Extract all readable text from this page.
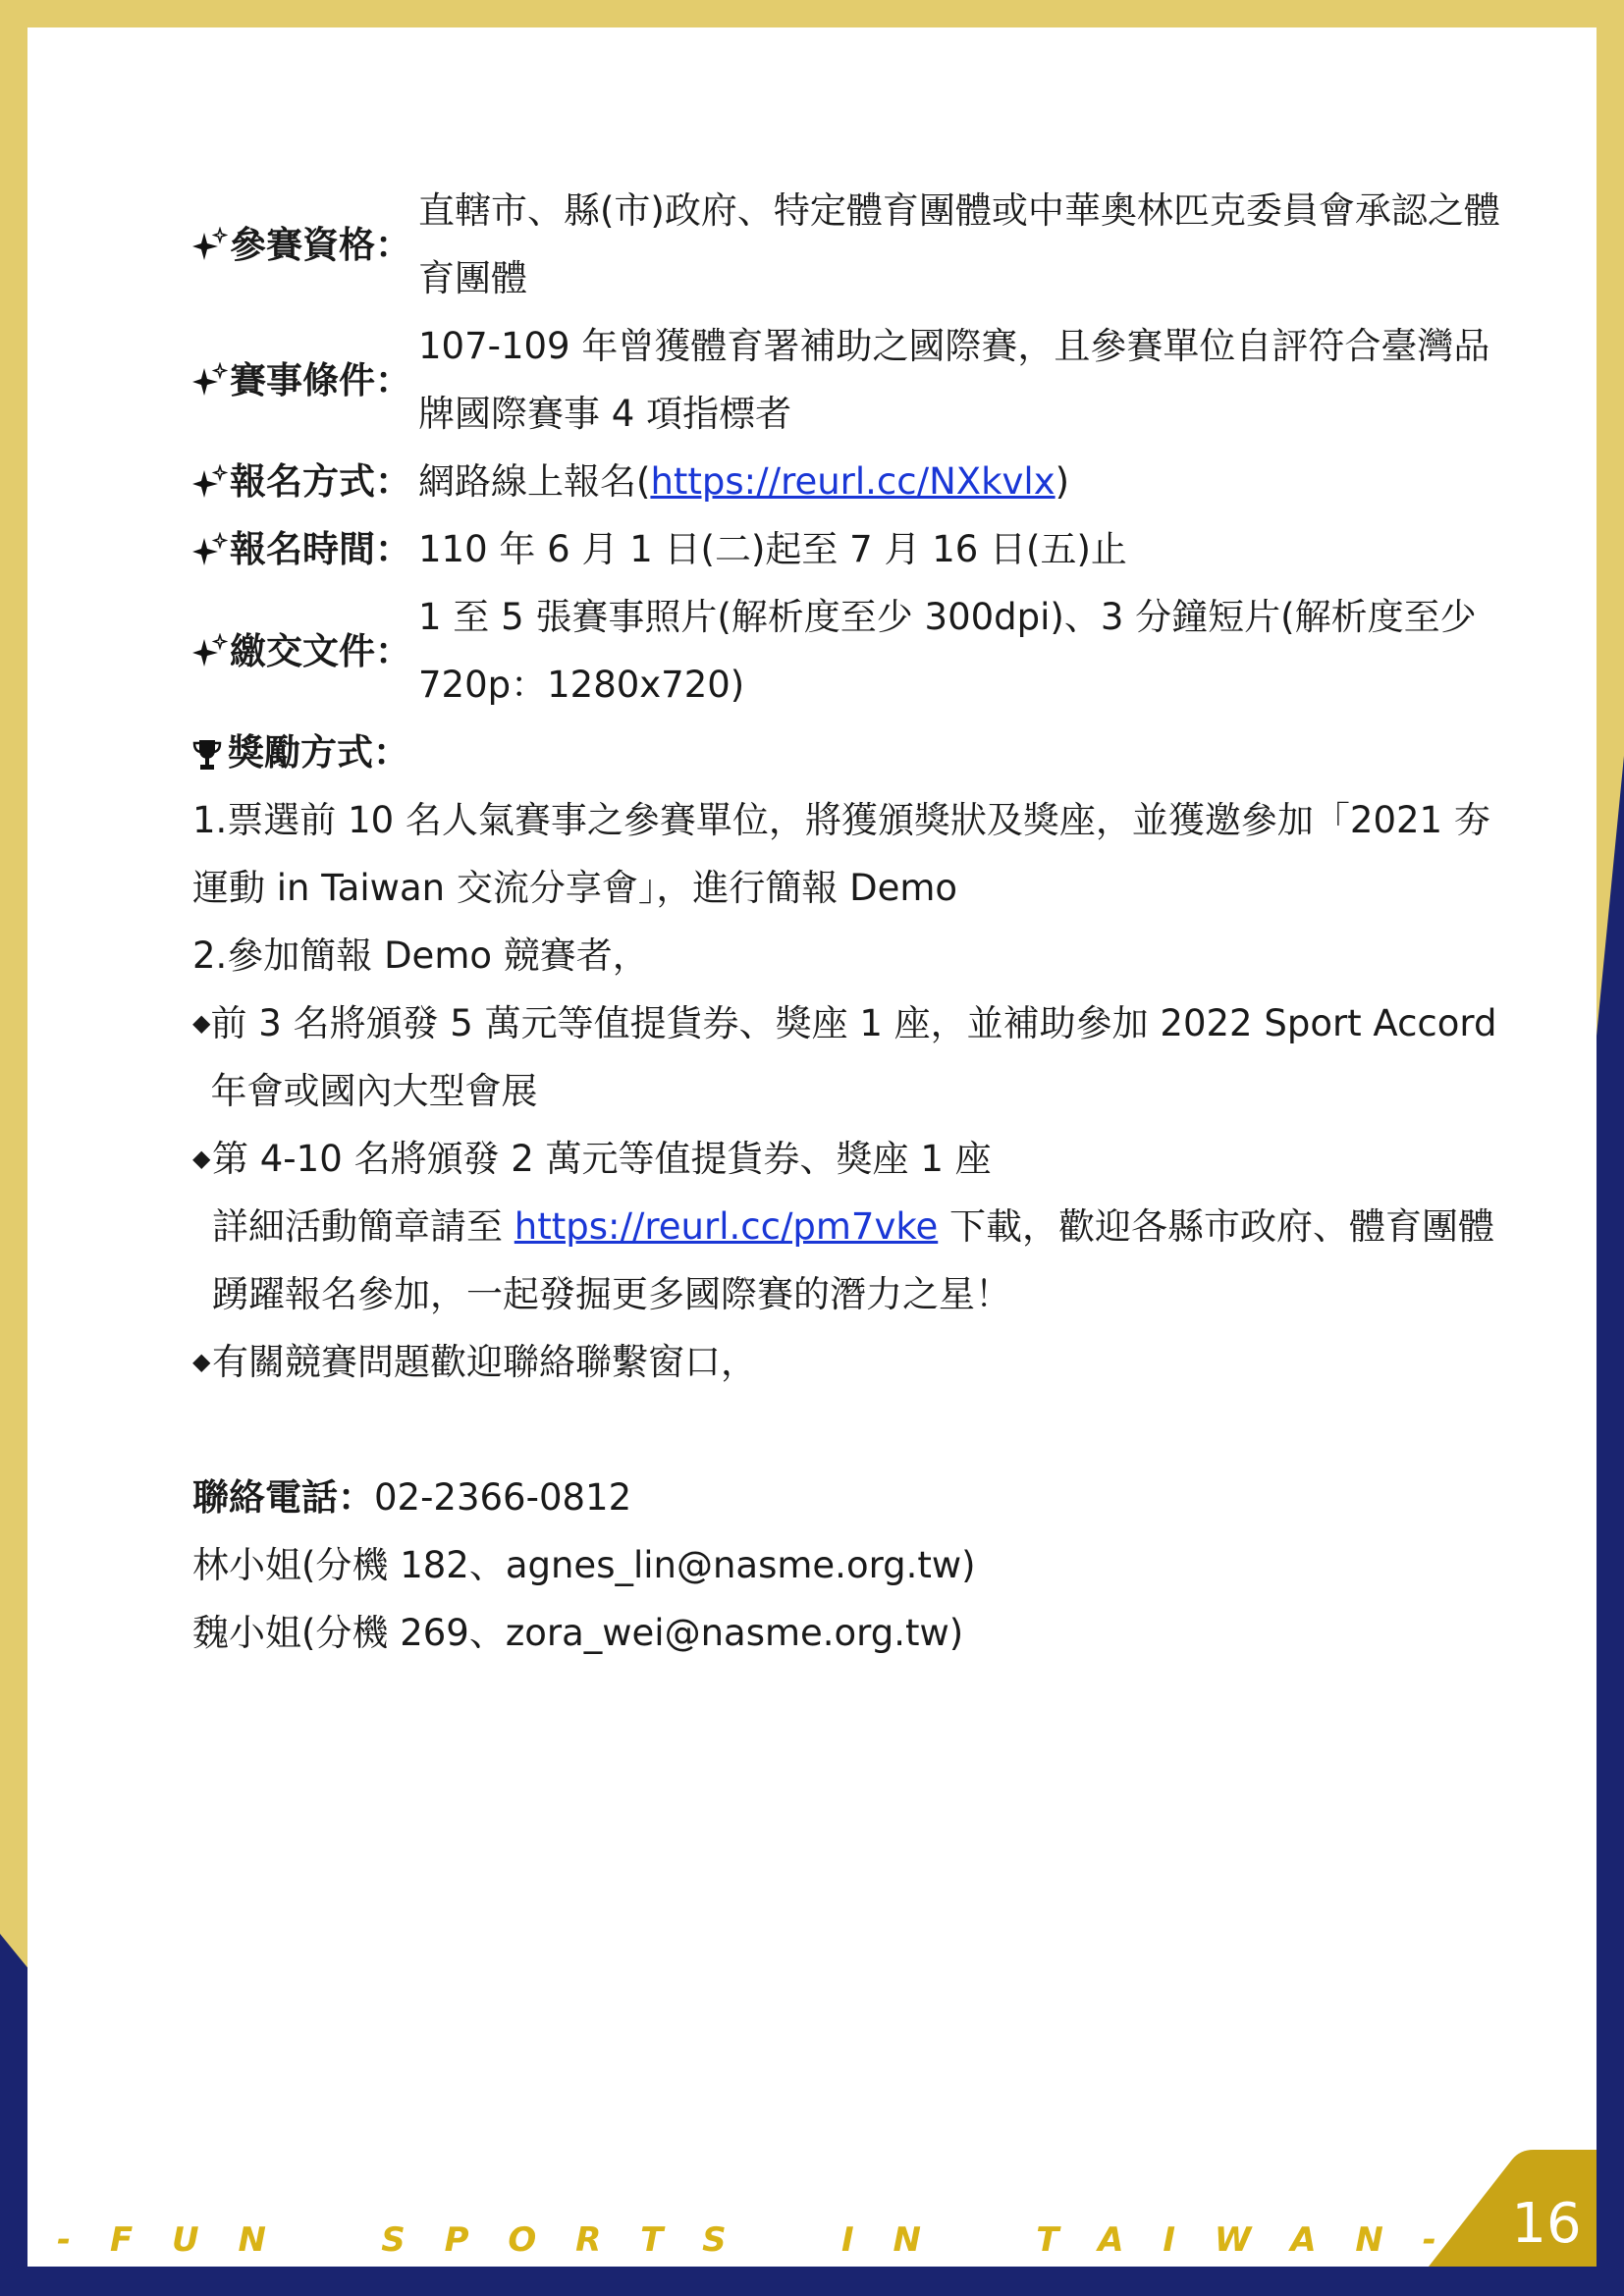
參賽資格：
直轄市、縣(市)政府、特定體育團體或中華奧林匹克委員會承認之體育團體
賽事條件：
107-109 年曾獲體育署補助之國際賽，且參賽單位自評符合臺灣品牌國際賽事 4 項指標者
報名方式： 網路線上報名(https://reurl.cc/NXkvlx)
報名時間： 110 年 6 月 1 日(二)起至 7 月 16 日(五)止
繳交文件：
1 至 5 張賽事照片(解析度至少 300dpi)、3 分鐘短片(解析度至少 720p：1280x720)
獎勵方式：
1.票選前 10 名人氣賽事之參賽單位，將獲頒獎狀及獎座，並獲邀參加「2021 夯運動 in Taiwan 交流分享會」，進行簡報 Demo
2.參加簡報 Demo 競賽者，
◆ 前 3 名將頒發 5 萬元等值提貨券、獎座 1 座，並補助參加 2022 Sport Accord年會或國內大型會展
◆ 第 4-10 名將頒發 2 萬元等值提貨券、獎座 1 座
詳細活動簡章請至 https://reurl.cc/pm7vke 下載，歡迎各縣市政府、體育團體踴躍報名參加，一起發掘更多國際賽的潛力之星！
◆ 有關競賽問題歡迎聯絡聯繫窗口，
聯絡電話：02-2366-0812
林小姐(分機 182、agnes_lin@nasme.org.tw)
魏小姐(分機 269、zora_wei@nasme.org.tw)
- F U N    S P O R T S    I N    T A I W A N - 16
